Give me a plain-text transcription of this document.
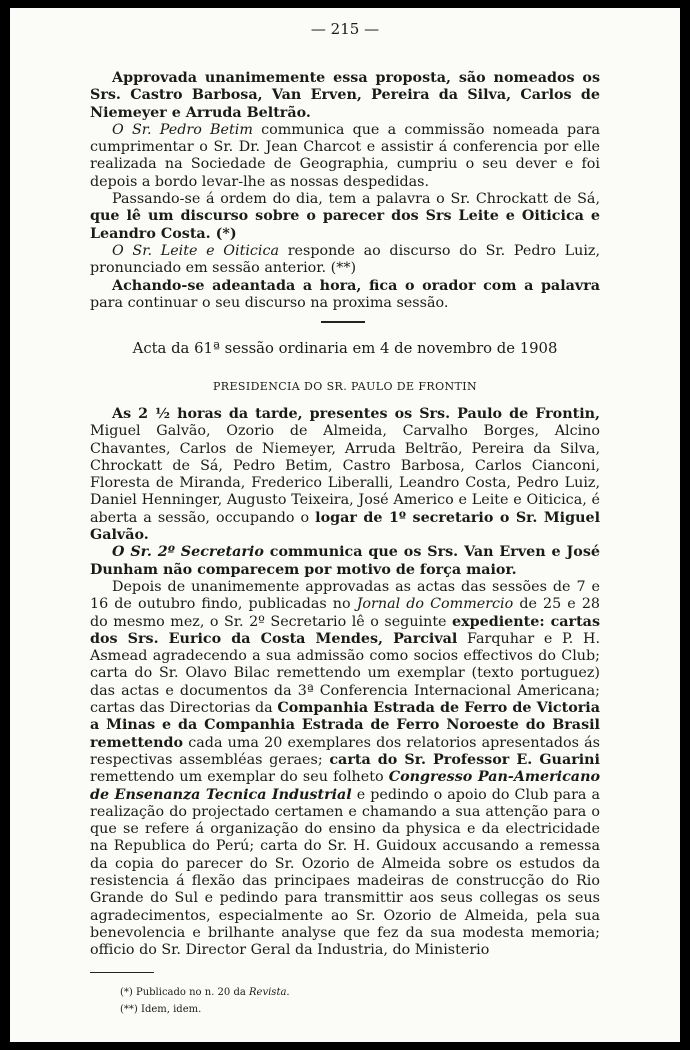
— 215 —

Approvada unanimemente essa proposta, são nomeados os Srs. Castro Barbosa, Van Erven, Pereira da Silva, Carlos de Niemeyer e Arruda Beltrão.

O Sr. Pedro Betim communica que a commissão nomeada para cumprimentar o Sr. Dr. Jean Charcot e assistir á conferencia por elle realizada na Sociedade de Geographia, cumpriu o seu dever e foi depois a bordo levar-lhe as nossas despedidas.

Passando-se á ordem do dia, tem a palavra o Sr. Chrockatt de Sá, que lê um discurso sobre o parecer dos Srs Leite e Oiticica e Leandro Costa. (*)

O Sr. Leite e Oiticica responde ao discurso do Sr. Pedro Luiz, pronunciado em sessão anterior. (**)

Achando-se adeantada a hora, fica o orador com a palavra para continuar o seu discurso na proxima sessão.

Acta da 61ª sessão ordinaria em 4 de novembro de 1908
PRESIDENCIA DO SR. PAULO DE FRONTIN

As 2 ½ horas da tarde, presentes os Srs. Paulo de Frontin, Miguel Galvão, Ozorio de Almeida, Carvalho Borges, Alcino Chavantes, Carlos de Niemeyer, Arruda Beltrão, Pereira da Silva, Chrockatt de Sá, Pedro Betim, Castro Barbosa, Carlos Cianconi, Floresta de Miranda, Frederico Liberalli, Leandro Costa, Pedro Luiz, Daniel Henninger, Augusto Teixeira, José Americo e Leite e Oiticica, é aberta a sessão, occupando o logar de 1º secretario o Sr. Miguel Galvão.

O Sr. 2º Secretario communica que os Srs. Van Erven e José Dunham não comparecem por motivo de força maior.

Depois de unanimemente approvadas as actas das sessões de 7 e 16 de outubro findo, publicadas no Jornal do Commercio de 25 e 28 do mesmo mez, o Sr. 2º Secretario lê o seguinte expediente: cartas dos Srs. Eurico da Costa Mendes, Parcival Farquhar e P. H. Asmead agradecendo a sua admissão como socios effectivos do Club; carta do Sr. Olavo Bilac remettendo um exemplar (texto portuguez) das actas e documentos da 3ª Conferencia Internacional Americana; cartas das Directorias da Companhia Estrada de Ferro de Victoria a Minas e da Companhia Estrada de Ferro Noroeste do Brasil remettendo cada uma 20 exemplares dos relatorios apresentados ás respectivas assembléas geraes; carta do Sr. Professor E. Guarini remettendo um exemplar do seu folheto Congresso Pan-Americano de Ensenanza Tecnica Industrial e pedindo o apoio do Club para a realização do projectado certamen e chamando a sua attenção para o que se refere á organização do ensino da physica e da electricidade na Republica do Perú; carta do Sr. H. Guidoux accusando a remessa da copia do parecer do Sr. Ozorio de Almeida sobre os estudos da resistencia á flexão das principaes madeiras de construcção do Rio Grande do Sul e pedindo para transmittir aos seus collegas os seus agradecimentos, especialmente ao Sr. Ozorio de Almeida, pela sua benevolencia e brilhante analyse que fez da sua modesta memoria; officio do Sr. Director Geral da Industria, do Ministerio

(*) Publicado no n. 20 da Revista.
(**) Idem, idem.
